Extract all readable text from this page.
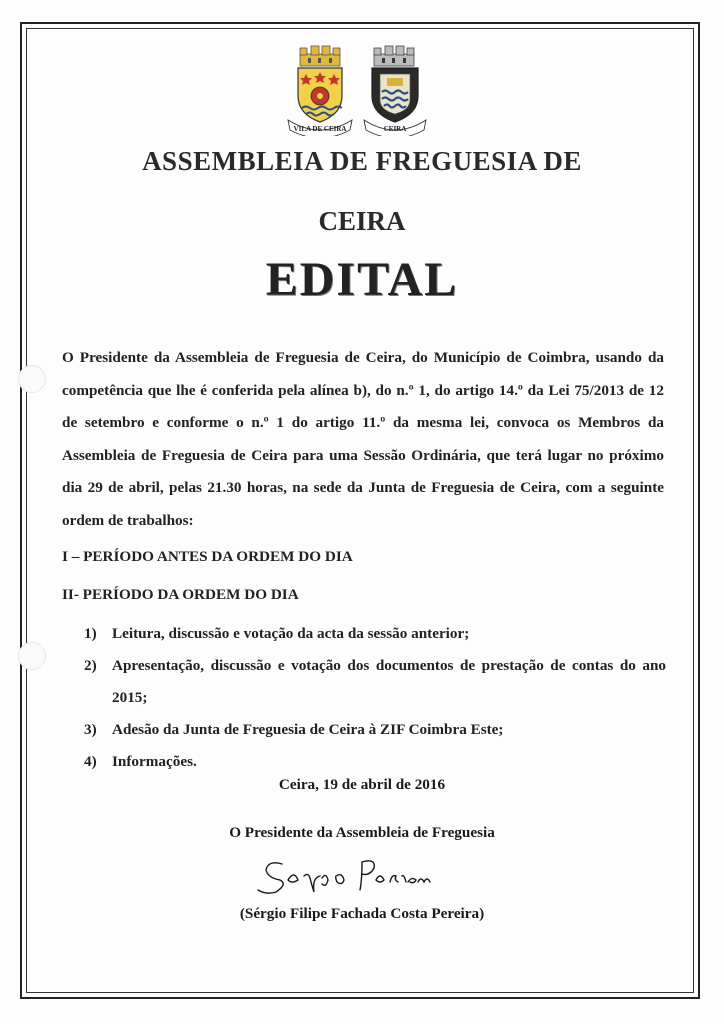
VILA DE CEIRA	CEIRA
ASSEMBLEIA DE FREGUESIA DE
CEIRA
EDITAL
O Presidente da Assembleia de Freguesia de Ceira, do Município de Coimbra, usando da competência que lhe é conferida pela alínea b), do n.º 1, do artigo 14.º da Lei 75/2013 de 12 de setembro e conforme o n.º 1 do artigo 11.º da mesma lei, convoca os Membros da Assembleia de Freguesia de Ceira para uma Sessão Ordinária, que terá lugar no próximo dia 29 de abril, pelas 21.30 horas, na sede da Junta de Freguesia de Ceira, com a seguinte ordem de trabalhos:
I – PERÍODO ANTES DA ORDEM DO DIA
II- PERÍODO DA ORDEM DO DIA
1)	Leitura, discussão e votação da acta da sessão anterior;
2)	Apresentação, discussão e votação dos documentos de prestação de contas do ano 2015;
3)	Adesão da Junta de Freguesia de Ceira à ZIF Coimbra Este;
4)	Informações.
Ceira, 19 de abril de 2016
O Presidente da Assembleia de Freguesia
(Sérgio Filipe Fachada Costa Pereira)
